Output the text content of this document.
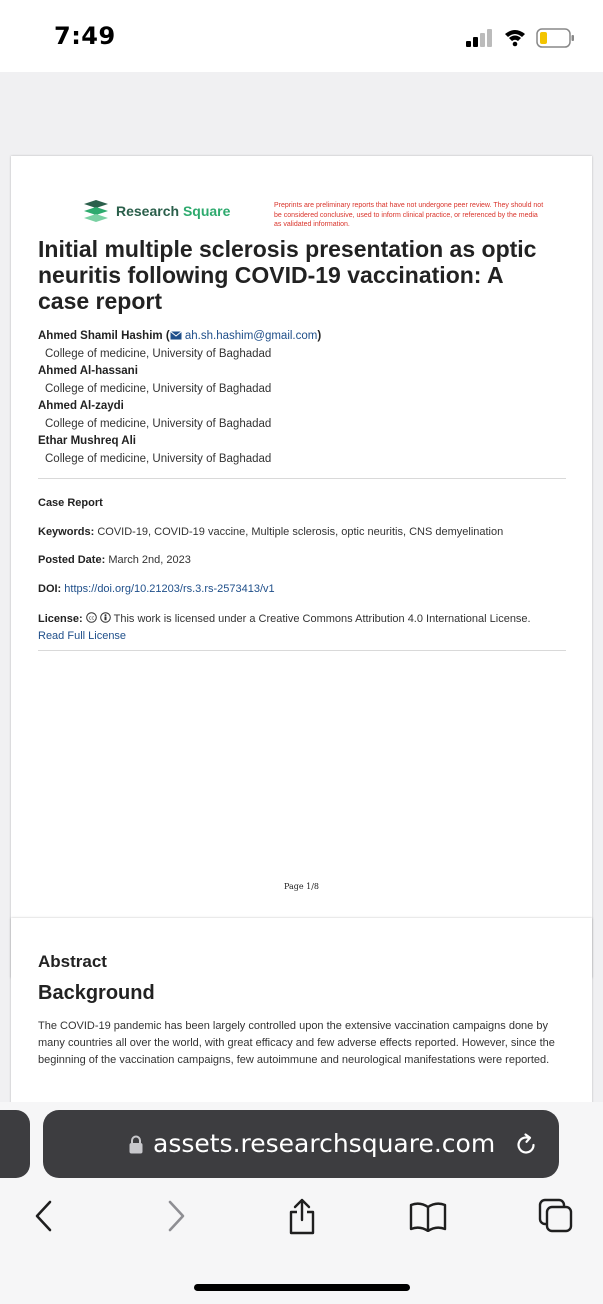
7:49
Research Square	Preprints are preliminary reports that have not undergone peer review. They should not be considered conclusive, used to inform clinical practice, or referenced by the media as validated information.
Initial multiple sclerosis presentation as optic neuritis following COVID-19 vaccination: A case report
Ahmed Shamil Hashim ( ah.sh.hashim@gmail.com)
College of medicine, University of Baghadad
Ahmed Al-hassani
College of medicine, University of Baghadad
Ahmed Al-zaydi
College of medicine, University of Baghadad
Ethar Mushreq Ali
College of medicine, University of Baghadad
Case Report
Keywords: COVID-19, COVID-19 vaccine, Multiple sclerosis, optic neuritis, CNS demyelination
Posted Date: March 2nd, 2023
DOI: https://doi.org/10.21203/rs.3.rs-2573413/v1
License: cc This work is licensed under a Creative Commons Attribution 4.0 International License.
Read Full License
Page 1/8
Abstract
Background
The COVID-19 pandemic has been largely controlled upon the extensive vaccination campaigns done by many countries all over the world, with great efficacy and few adverse effects reported. However, since the beginning of the vaccination campaigns, few autoimmune and neurological manifestations were reported.
assets.researchsquare.com
